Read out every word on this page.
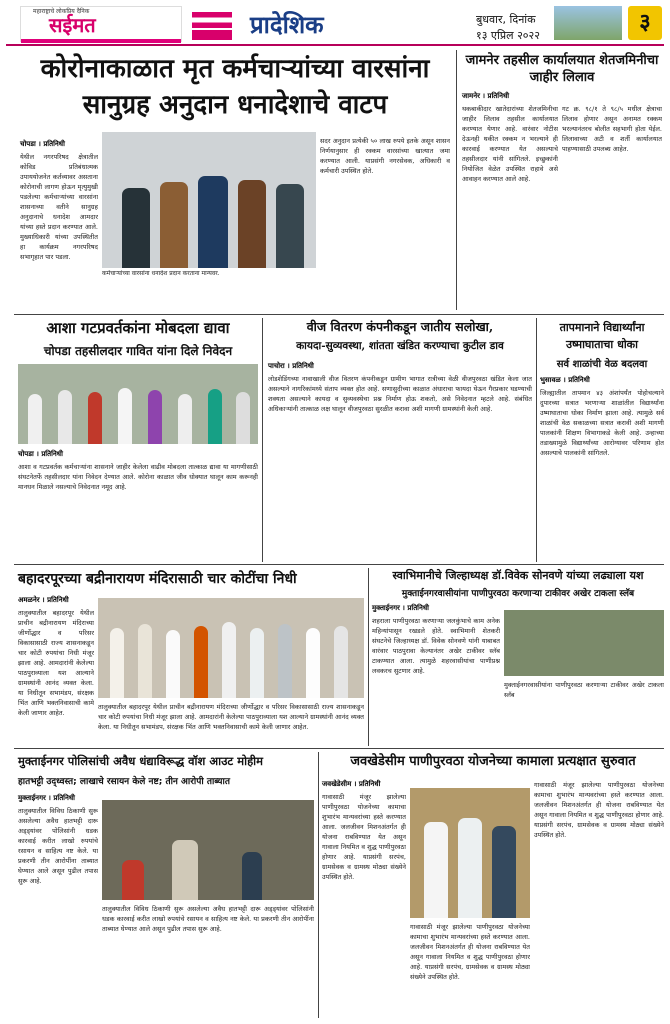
महाराष्ट्राचे लोकप्रिय दैनिक
सईमत	प्रादेशिक	बुधवार, दिनांक
१३ एप्रिल २०२२
३
कोरोनाकाळात मृत कर्मचाऱ्यांच्या वारसांना
सानुग्रह अनुदान धनादेशाचे वाटप
चोपडा । प्रतिनिधी
येथील नगरपरिषद क्षेत्रातील कोविड प्रतिबंधात्मक उपाययोजनेत कर्तव्यावर असताना कोरोनाची लागण होऊन मृत्युमुखी पडलेल्या कर्मचाऱ्यांच्या वारसांना शासनाच्या वतीने सानुग्रह अनुदानाचे धनादेश आमदार यांच्या हस्ते प्रदान करण्यात आले. मुख्याधिकारी यांच्या उपस्थितीत हा कार्यक्रम नगरपरिषद सभागृहात पार पडला.
कर्मचाऱ्यांच्या वारसांना धनादेश प्रदान करताना मान्यवर.
सदर अनुदान प्रत्येकी ५० लाख रुपये इतके असून शासन निर्णयानुसार ही रक्कम वारसांच्या खात्यात जमा करण्यात आली. याप्रसंगी नगरसेवक, अधिकारी व कर्मचारी उपस्थित होते.
जामनेर तहसील कार्यालयात शेतजमिनीचा जाहीर लिलाव
जामनेर । प्रतिनिधी
थकबाकीदार खातेदारांच्या शेतजमिनीचा जाहीर लिलाव तहसील कार्यालयात करण्यात येणार आहे. वारंवार नोटीस देऊनही थकीत रक्कम न भरल्याने ही कारवाई करण्यात येत असल्याचे तहसीलदार यांनी सांगितले. इच्छुकांनी नियोजित वेळेत उपस्थित राहावे असे आवाहन करण्यात आले आहे.
गट क्र. ९८/१ ते ९८/५ मधील क्षेत्राचा लिलाव होणार असून अनामत रक्कम भरल्यानंतरच बोलीत सहभागी होता येईल. लिलावाच्या अटी व शर्ती कार्यालयात पाहण्यासाठी उपलब्ध आहेत.
आशा गटप्रवर्तकांना मोबदला द्यावा
चोपडा तहसीलदार गावित यांना दिले निवेदन
चोपडा । प्रतिनिधी
आशा व गटप्रवर्तक कर्मचाऱ्यांना शासनाने जाहीर केलेला वाढीव मोबदला तात्काळ द्यावा या मागणीसाठी संघटनेतर्फे तहसीलदार यांना निवेदन देण्यात आले. कोरोना काळात जीव धोक्यात घालून काम करूनही मानधन मिळाले नसल्याचे निवेदनात नमूद आहे.
वीज वितरण कंपनीकडून जातीय सलोखा,
कायदा-सुव्यवस्था, शांतता खंडित करण्याचा कुटील डाव
पाचोरा । प्रतिनिधी
लोडशेडिंगच्या नावाखाली वीज वितरण कंपनीकडून ग्रामीण भागात रात्रीच्या वेळी वीजपुरवठा खंडित केला जात असल्याने नागरिकांमध्ये संताप व्यक्त होत आहे. सणासुदीच्या काळात अंधाराचा फायदा घेऊन गैरप्रकार घडण्याची शक्यता असल्याने कायदा व सुव्यवस्थेचा प्रश्न निर्माण होऊ शकतो, असे निवेदनात म्हटले आहे. संबंधित अधिकाऱ्यांनी तात्काळ लक्ष घालून वीजपुरवठा सुरळीत करावा अशी मागणी ग्रामस्थांनी केली आहे.
तापमानाने विद्यार्थ्यांना
उष्माघाताचा धोका
सर्व शाळांची वेळ बदलवा
भुसावळ । प्रतिनिधी
जिल्ह्यातील तापमान ४३ अंशांपर्यंत पोहोचल्याने दुपारच्या सत्रात भरणाऱ्या शाळांतील विद्यार्थ्यांना उष्माघाताचा धोका निर्माण झाला आहे. त्यामुळे सर्व शाळांची वेळ सकाळच्या सत्रात करावी अशी मागणी पालकांनी शिक्षण विभागाकडे केली आहे. उन्हाच्या तडाख्यामुळे विद्यार्थ्यांच्या आरोग्यावर परिणाम होत असल्याचे पालकांनी सांगितले.
बहादरपूरच्या बद्रीनारायण मंदिरासाठी चार कोटींचा निधी
अमळनेर । प्रतिनिधी
तालुक्यातील बहादरपूर येथील प्राचीन बद्रीनारायण मंदिराच्या जीर्णोद्धार व परिसर विकासासाठी राज्य शासनाकडून चार कोटी रुपयांचा निधी मंजूर झाला आहे. आमदारांनी केलेल्या पाठपुराव्याला यश आल्याने ग्रामस्थांनी आनंद व्यक्त केला. या निधीतून सभामंडप, संरक्षक भिंत आणि भक्तनिवासाची कामे केली जाणार आहेत.
तालुक्यातील बहादरपूर येथील प्राचीन बद्रीनारायण मंदिराच्या जीर्णोद्धार व परिसर विकासासाठी राज्य शासनाकडून चार कोटी रुपयांचा निधी मंजूर झाला आहे. आमदारांनी केलेल्या पाठपुराव्याला यश आल्याने ग्रामस्थांनी आनंद व्यक्त केला. या निधीतून सभामंडप, संरक्षक भिंत आणि भक्तनिवासाची कामे केली जाणार आहेत.
स्वाभिमानीचे जिल्हाध्यक्ष डॉ.विवेक सोनवणे यांच्या लढ्याला यश
मुक्ताईनगरवासीयांना पाणीपुरवठा करणाऱ्या टाकीवर अखेर टाकला स्लॅब
मुक्ताईनगर । प्रतिनिधी
शहराला पाणीपुरवठा करणाऱ्या जलकुंभाचे काम अनेक महिन्यांपासून रखडले होते. स्वाभिमानी शेतकरी संघटनेचे जिल्हाध्यक्ष डॉ. विवेक सोनवणे यांनी याबाबत वारंवार पाठपुरावा केल्यानंतर अखेर टाकीवर स्लॅब टाकण्यात आला. त्यामुळे शहरवासीयांचा पाणीप्रश्न लवकरच सुटणार आहे.
मुक्ताईनगरवासीयांना पाणीपुरवठा करणाऱ्या टाकीवर अखेर टाकला स्लॅब
मुक्ताईनगर पोलिसांची अवैध धंद्याविरूद्ध वॉश आउट मोहीम
हातभट्टी उद्ध्वस्त; लाखाचे रसायन केले नष्ट; तीन आरोपी ताब्यात
मुक्ताईनगर । प्रतिनिधी
तालुक्यातील विविध ठिकाणी सुरू असलेल्या अवैध हातभट्टी दारू अड्ड्यांवर पोलिसांनी धडक कारवाई करीत लाखो रुपयांचे रसायन व साहित्य नष्ट केले. या प्रकरणी तीन आरोपींना ताब्यात घेण्यात आले असून पुढील तपास सुरू आहे.
तालुक्यातील विविध ठिकाणी सुरू असलेल्या अवैध हातभट्टी दारू अड्ड्यांवर पोलिसांनी धडक कारवाई करीत लाखो रुपयांचे रसायन व साहित्य नष्ट केले. या प्रकरणी तीन आरोपींना ताब्यात घेण्यात आले असून पुढील तपास सुरू आहे.
जवखेडेसीम पाणीपुरवठा योजनेच्या कामाला प्रत्यक्षात सुरुवात
जवखेडेसीम । प्रतिनिधी
गावासाठी मंजूर झालेल्या पाणीपुरवठा योजनेच्या कामाचा शुभारंभ मान्यवरांच्या हस्ते करण्यात आला. जलजीवन मिशनअंतर्गत ही योजना राबविण्यात येत असून गावाला नियमित व शुद्ध पाणीपुरवठा होणार आहे. याप्रसंगी सरपंच, ग्रामसेवक व ग्रामस्थ मोठ्या संख्येने उपस्थित होते.
गावासाठी मंजूर झालेल्या पाणीपुरवठा योजनेच्या कामाचा शुभारंभ मान्यवरांच्या हस्ते करण्यात आला. जलजीवन मिशनअंतर्गत ही योजना राबविण्यात येत असून गावाला नियमित व शुद्ध पाणीपुरवठा होणार आहे. याप्रसंगी सरपंच, ग्रामसेवक व ग्रामस्थ मोठ्या संख्येने उपस्थित होते.
गावासाठी मंजूर झालेल्या पाणीपुरवठा योजनेच्या कामाचा शुभारंभ मान्यवरांच्या हस्ते करण्यात आला. जलजीवन मिशनअंतर्गत ही योजना राबविण्यात येत असून गावाला नियमित व शुद्ध पाणीपुरवठा होणार आहे. याप्रसंगी सरपंच, ग्रामसेवक व ग्रामस्थ मोठ्या संख्येने उपस्थित होते.
